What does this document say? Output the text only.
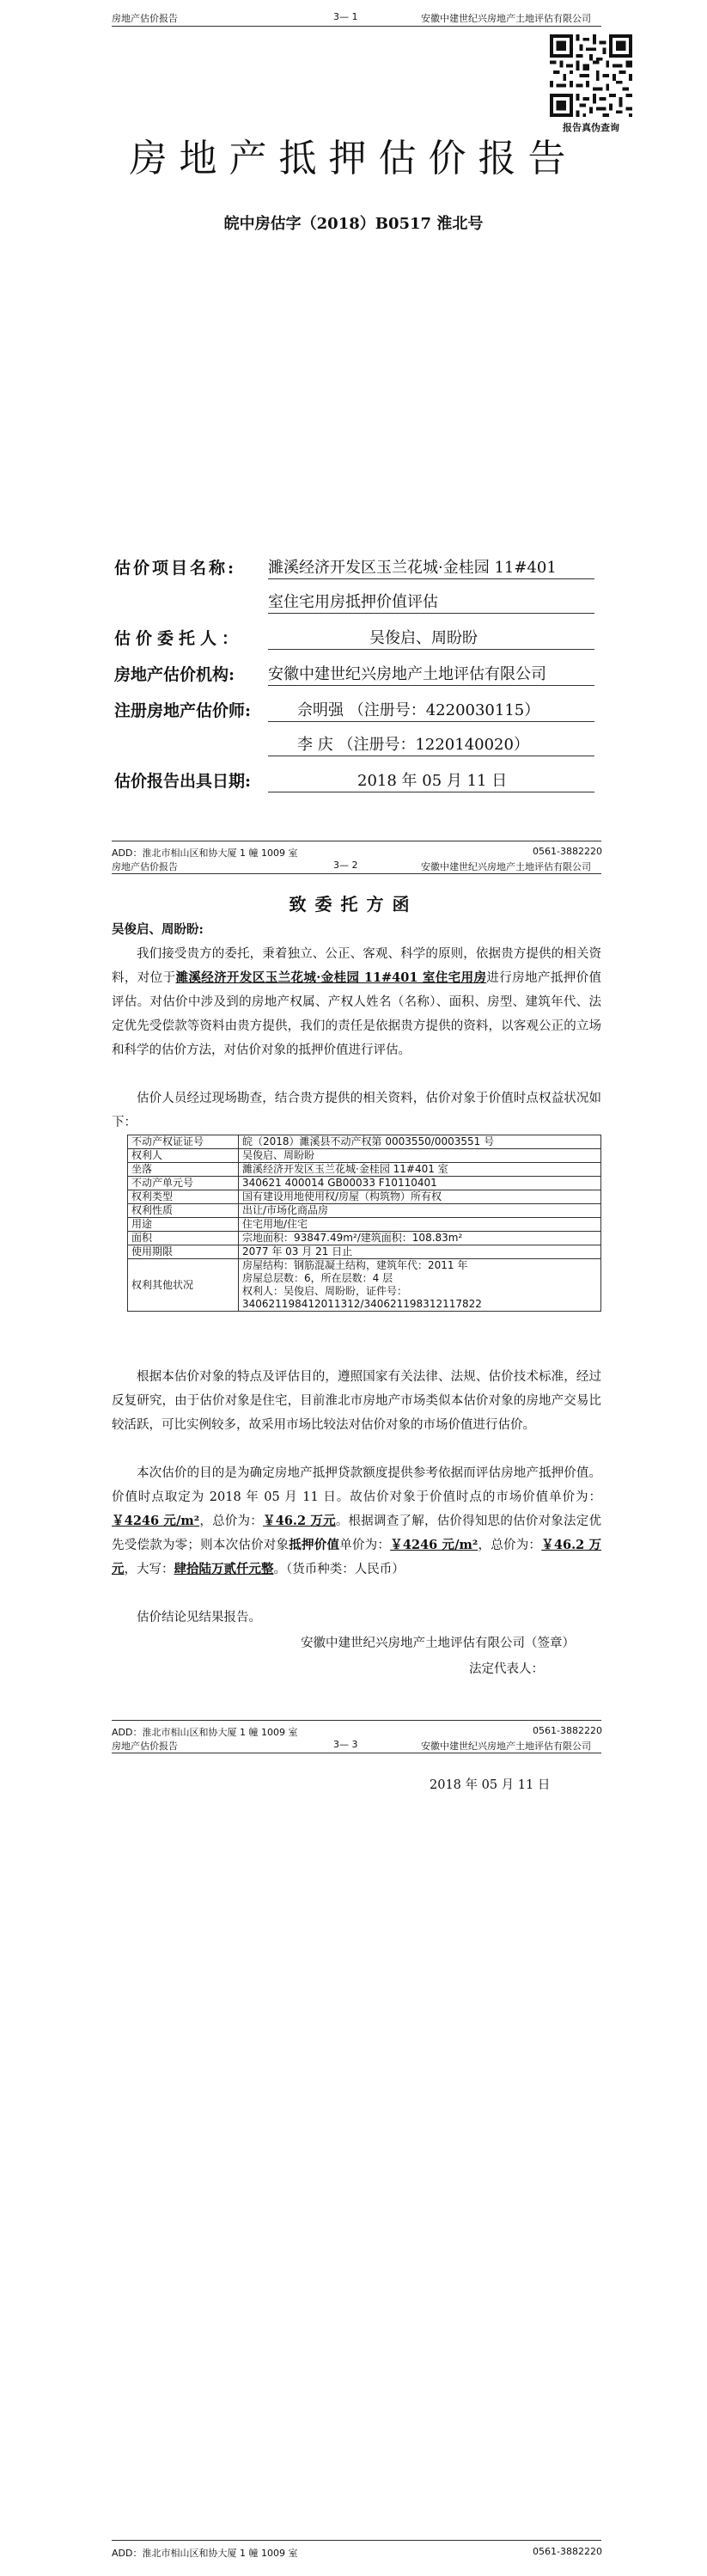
房地产估价报告	3— 1	安徽中建世纪兴房地产土地评估有限公司
报告真伪查询
房地产抵押估价报告
皖中房估字（2018）B0517 淮北号
估价项目名称: 濉溪经济开发区玉兰花城·金桂园 11#401
室住宅用房抵押价值评估
估价委托人：	吴俊启、周盼盼
房地产估价机构: 安徽中建世纪兴房地产土地评估有限公司
注册房地产估价师:	佘明强 （注册号：4220030115）
李 庆 （注册号：1220140020）
估价报告出具日期:	2018 年 05 月 11 日
ADD：淮北市相山区和协大厦 1 幢 1009 室	0561-3882220
房地产估价报告	3— 2	安徽中建世纪兴房地产土地评估有限公司
致委托方函
吴俊启、周盼盼:
我们接受贵方的委托，秉着独立、公正、客观、科学的原则，依据贵方提供的相关资料，对位于濉溪经济开发区玉兰花城·金桂园 11#401 室住宅用房进行房地产抵押价值评估。对估价中涉及到的房地产权属、产权人姓名（名称）、面积、房型、建筑年代、法定优先受偿款等资料由贵方提供，我们的责任是依据贵方提供的资料，以客观公正的立场和科学的估价方法，对估价对象的抵押价值进行评估。
估价人员经过现场勘查，结合贵方提供的相关资料，估价对象于价值时点权益状况如下：
不动产权证证号	皖（2018）濉溪县不动产权第 0003550/0003551 号

权利人	吴俊启、周盼盼

坐落	濉溪经济开发区玉兰花城·金桂园 11#401 室

不动产单元号	340621 400014 GB00033 F10110401

权利类型	国有建设用地使用权/房屋（构筑物）所有权

权利性质	出让/市场化商品房

用途	住宅用地/住宅

面积	宗地面积：93847.49m²/建筑面积：108.83m²

使用期限	2077 年 03 月 21 日止

权利其他状况	房屋结构：钢筋混凝土结构，建筑年代：2011 年
房屋总层数：6，所在层数：4 层
权利人：吴俊启、周盼盼，证件号：
340621198412011312/340621198312117822
根据本估价对象的特点及评估目的，遵照国家有关法律、法规、估价技术标准，经过反复研究，由于估价对象是住宅，目前淮北市房地产市场类似本估价对象的房地产交易比较活跃，可比实例较多，故采用市场比较法对估价对象的市场价值进行估价。
本次估价的目的是为确定房地产抵押贷款额度提供参考依据而评估房地产抵押价值。价值时点取定为 2018 年 05 月 11 日。故估价对象于价值时点的市场价值单价为：￥4246 元/m²，总价为：￥46.2 万元。根据调查了解，估价得知思的估价对象法定优先受偿款为零；则本次估价对象抵押价值单价为：￥4246 元/m²，总价为：￥46.2 万元，大写：肆拾陆万贰仟元整。（货币种类：人民币）
估价结论见结果报告。
安徽中建世纪兴房地产土地评估有限公司（签章）
法定代表人：
ADD：淮北市相山区和协大厦 1 幢 1009 室	0561-3882220
房地产估价报告	3— 3	安徽中建世纪兴房地产土地评估有限公司
2018 年 05 月 11 日
ADD：淮北市相山区和协大厦 1 幢 1009 室	0561-3882220
